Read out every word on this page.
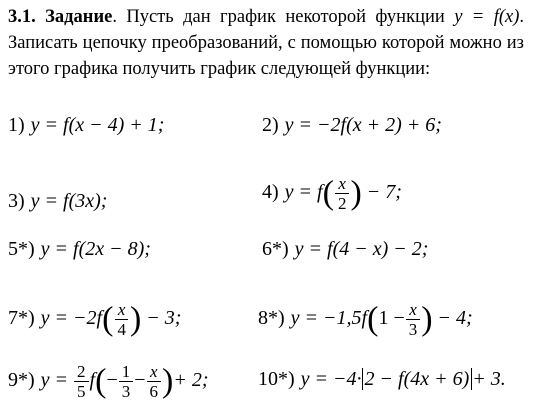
3.1. Задание. Пусть дан график некоторой функции y = f(x). Записать цепочку преобразований, с помощью которой можно из этого графика получить график следующей функции:
1) y = f(x − 4) + 1;	2) y = −2f(x + 2) + 6;
3) y = f(3x);	4) $y = f( \frac{x}{2}$ ) − 7;
5*) y = f(2x − 8);	6*) y = f(4 − x) − 2;
7*) $y = -2f( \frac{x}{4}$ ) − 3;	8*) $y = -1,5f(1 - \frac{x}{3}$ ) − 4;
9*) $y = \frac{2}{5} f(- \frac{1}{3} - \frac{x}{6}$ )+ 2; 10*) y = −4· 2 − f(4x + 6) + 3.
